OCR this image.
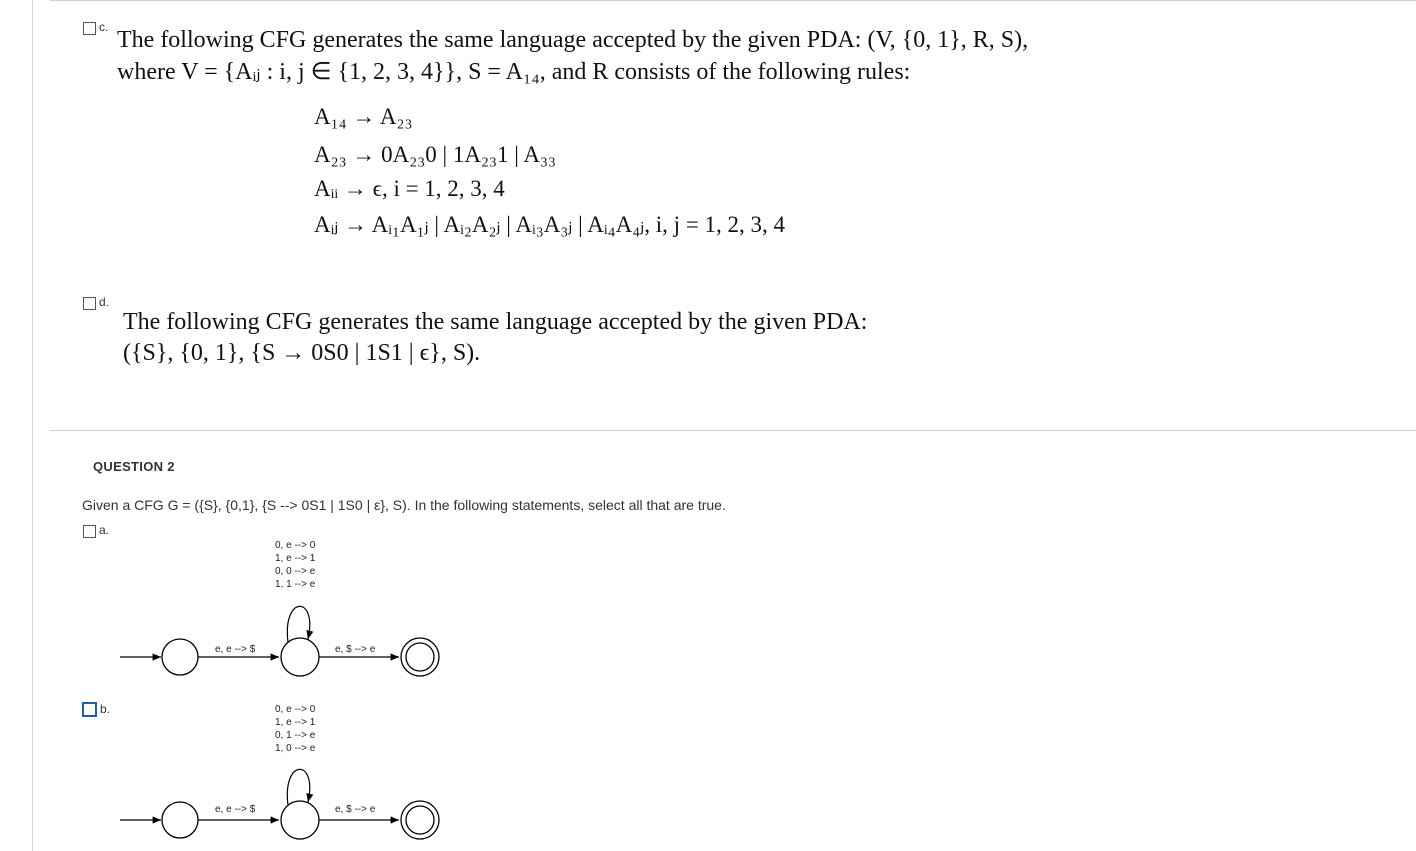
c. The following CFG generates the same language accepted by the given PDA: (V, {0, 1}, R, S),
where V = {Aᵢⱼ : i, j ∈ {1, 2, 3, 4}}, S = A₁₄, and R consists of the following rules:
A₁₄ → A₂₃
A₂₃ → 0A₂₃0 | 1A₂₃1 | A₃₃
Aᵢᵢ → ϵ, i = 1, 2, 3, 4
Aᵢⱼ → Aᵢ₁A₁ⱼ | Aᵢ₂A₂ⱼ | Aᵢ₃A₃ⱼ | Aᵢ₄A₄ⱼ, i, j = 1, 2, 3, 4
d.
The following CFG generates the same language accepted by the given PDA:
({S}, {0, 1}, {S → 0S0 | 1S1 | ϵ}, S).
QUESTION 2
Given a CFG G = ({S}, {0,1}, {S --> 0S1 | 1S0 | ε}, S). In the following statements, select all that are true.
a.
0, e --> 0
1, e --> 1
0, 0 --> e
1, 1 --> e
e, e --> $	e, $ --> e
b.	0, e --> 0
1, e --> 1
0, 1 --> e
1, 0 --> e
e, e --> $	e, $ --> e
